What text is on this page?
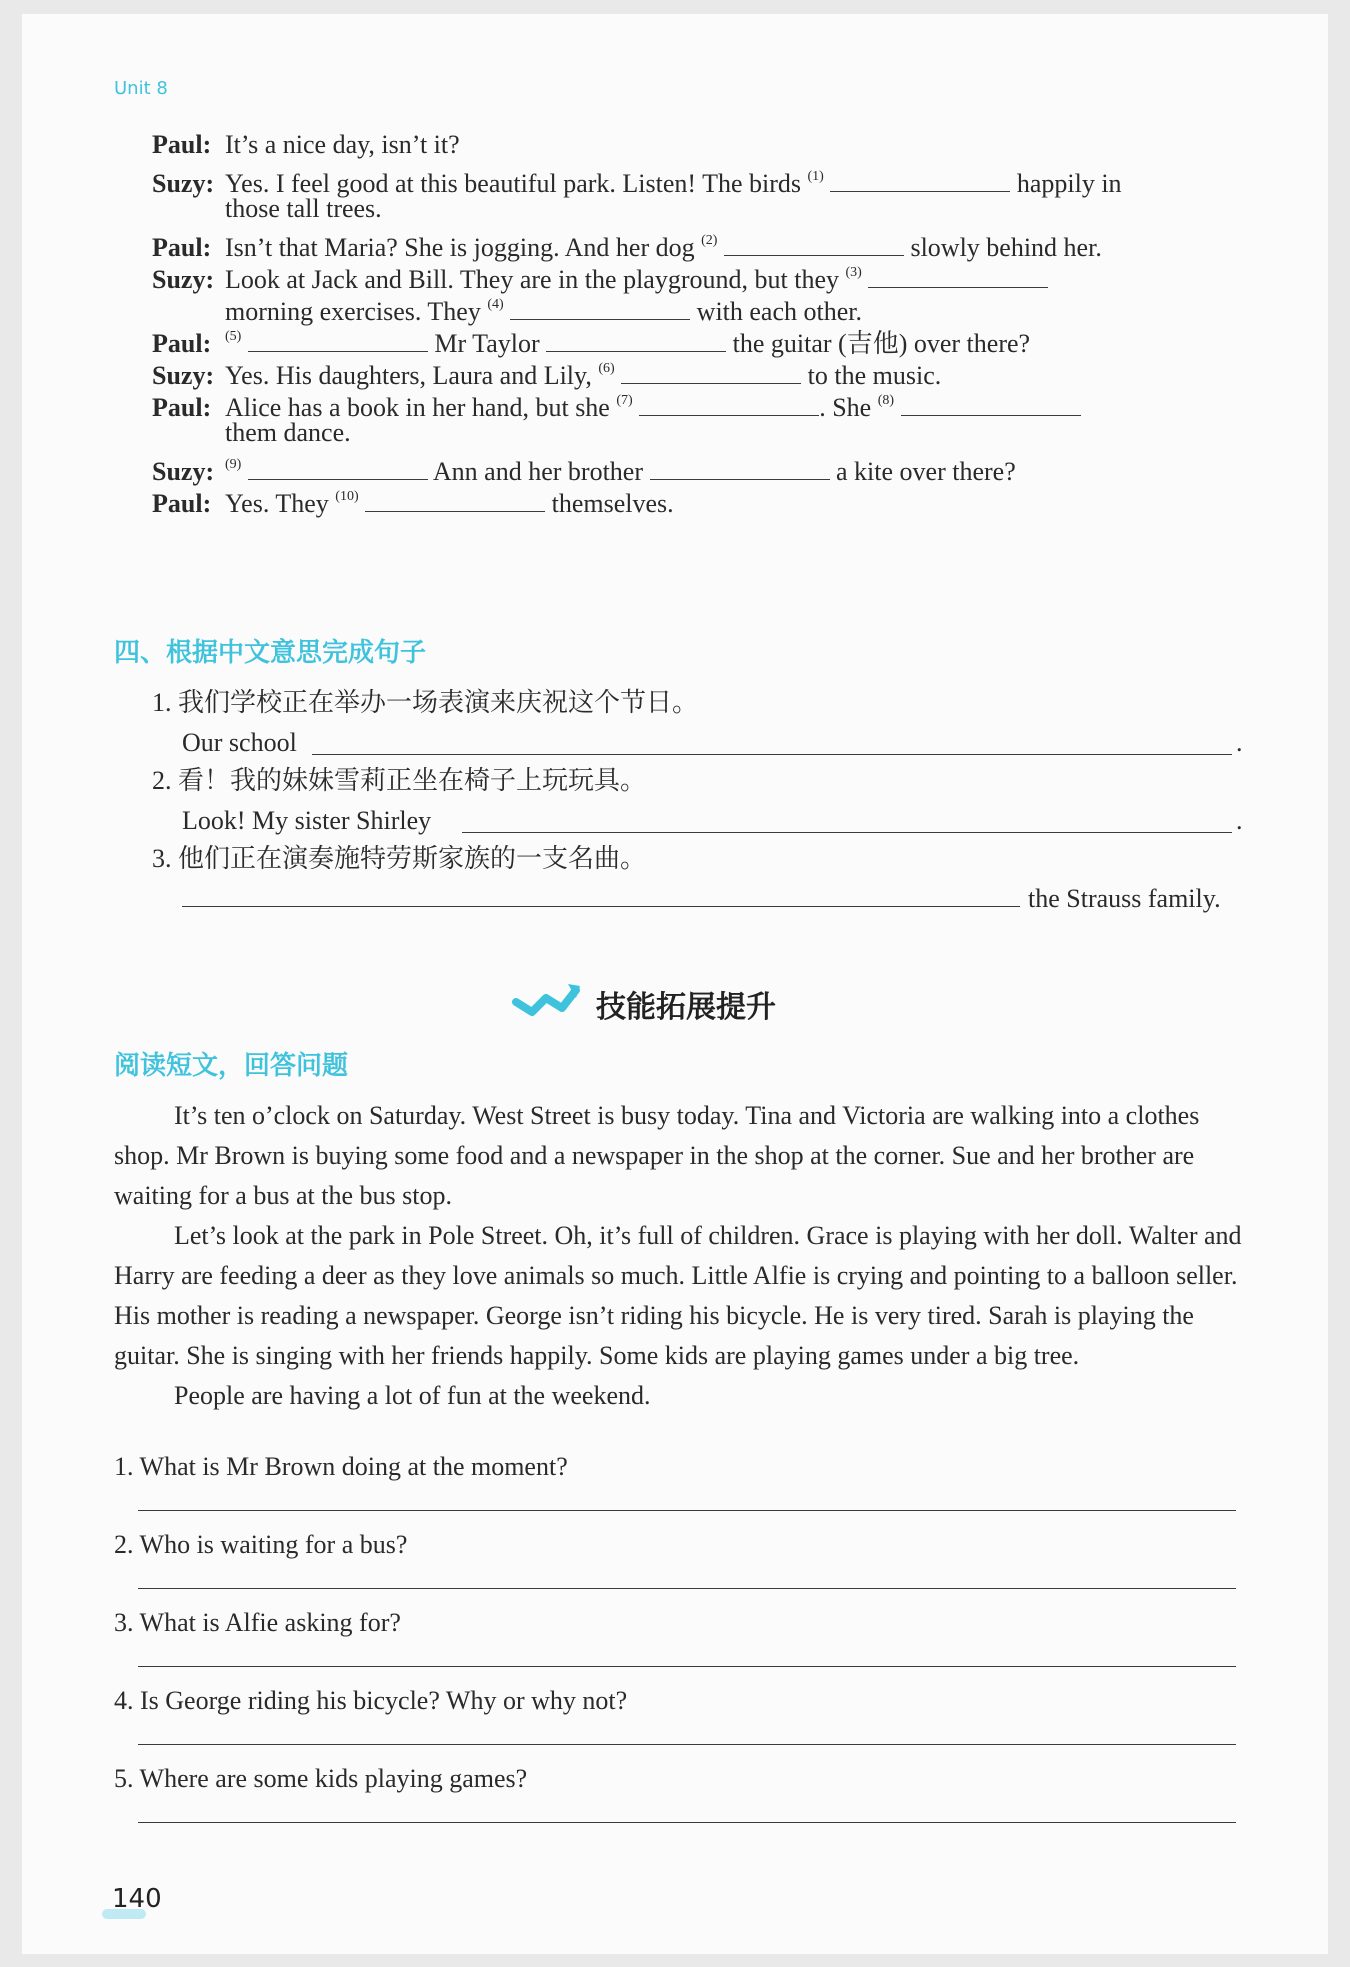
Unit 8
Paul: It’s a nice day, isn’t it?
Suzy: Yes. I feel good at this beautiful park. Listen! The birds $^{(1)}$	happily in
those tall trees.
Paul: Isn’t that Maria? She is jogging. And her dog $^{(2)}$	slowly behind her.
Suzy: Look at Jack and Bill. They are in the playground, but they $^{(3)}$
morning exercises. They $^{(4)}$	with each other.
Paul: $^{(5)}$	Mr Taylor	the guitar (吉他) over there?
Suzy: Yes. His daughters, Laura and Lily, $^{(6)}$	to the music.
Paul: Alice has a book in her hand, but she $^{(7)}$	. She $^{(8)}$
them dance.
Suzy: $^{(9)}$	Ann and her brother	a kite over there?
Paul: Yes. They $^{(10)}$	themselves.
四、根据中文意思完成句子
1. 我们学校正在举办一场表演来庆祝这个节日。
Our school	.
2. 看！我的妹妹雪莉正坐在椅子上玩玩具。
Look! My sister Shirley	.
3. 他们正在演奏施特劳斯家族的一支名曲。
the Strauss family.
技能拓展提升
阅读短文，回答问题

It’s ten o’clock on Saturday. West Street is busy today. Tina and Victoria are walking into a clothes shop. Mr Brown is buying some food and a newspaper in the shop at the corner. Sue and her brother are waiting for a bus at the bus stop.

Let’s look at the park in Pole Street. Oh, it’s full of children. Grace is playing with her doll. Walter and Harry are feeding a deer as they love animals so much. Little Alfie is crying and pointing to a balloon seller. His mother is reading a newspaper. George isn’t riding his bicycle. He is very tired. Sarah is playing the guitar. She is singing with her friends happily. Some kids are playing games under a big tree.

People are having a lot of fun at the weekend.

1. What is Mr Brown doing at the moment?
2. Who is waiting for a bus?
3. What is Alfie asking for?
4. Is George riding his bicycle? Why or why not?
5. Where are some kids playing games?
140
